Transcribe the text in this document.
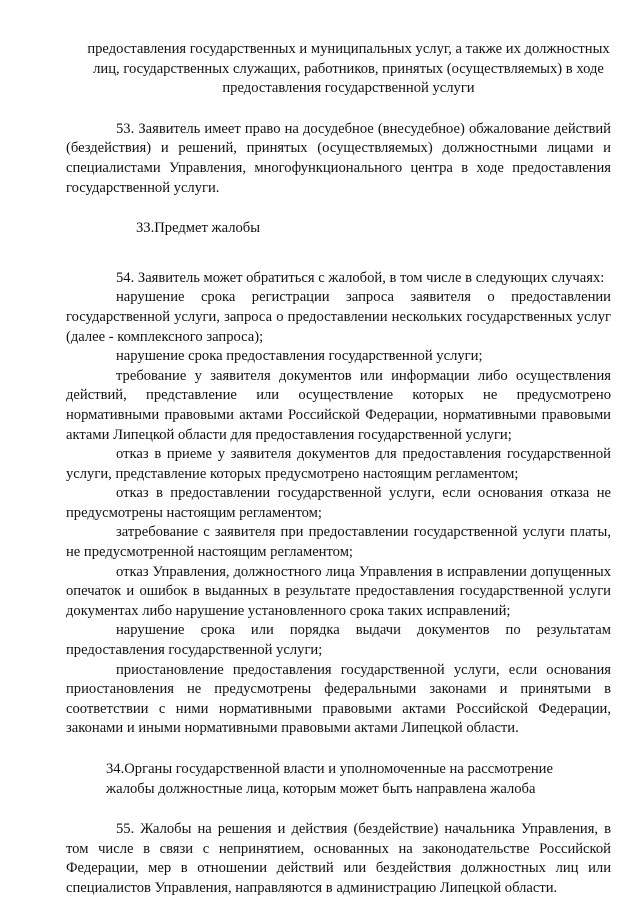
предоставления государственных и муниципальных услуг, а также их должностных лиц, государственных служащих, работников, принятых (осуществляемых) в ходе предоставления государственной услуги

53. Заявитель имеет право на досудебное (внесудебное) обжалование действий (бездействия) и решений, принятых (осуществляемых) должностными лицами и специалистами Управления, многофункционального центра в ходе предоставления государственной услуги.

33.Предмет жалобы

54. Заявитель может обратиться с жалобой, в том числе в следующих случаях:

нарушение срока регистрации запроса заявителя о предоставлении государственной услуги, запроса о предоставлении нескольких государственных услуг (далее - комплексного запроса);

нарушение срока предоставления государственной услуги;

требование у заявителя документов или информации либо осуществления действий, представление или осуществление которых не предусмотрено нормативными правовыми актами Российской Федерации, нормативными правовыми актами Липецкой области для предоставления государственной услуги;

отказ в приеме у заявителя документов для предоставления государственной услуги, представление которых предусмотрено настоящим регламентом;

отказ в предоставлении государственной услуги, если основания отказа не предусмотрены настоящим регламентом;

затребование с заявителя при предоставлении государственной услуги платы, не предусмотренной настоящим регламентом;

отказ Управления, должностного лица Управления в исправлении допущенных опечаток и ошибок в выданных в результате предоставления государственной услуги документах либо нарушение установленного срока таких исправлений;

нарушение срока или порядка выдачи документов по результатам предоставления государственной услуги;

приостановление предоставления государственной услуги, если основания приостановления не предусмотрены федеральными законами и принятыми в соответствии с ними нормативными правовыми актами Российской Федерации, законами и иными нормативными правовыми актами Липецкой области.

34.Органы государственной власти и уполномоченные на рассмотрение

жалобы должностные лица, которым может быть направлена жалоба

55. Жалобы на решения и действия (бездействие) начальника Управления, в том числе в связи с непринятием, основанных на законодательстве Российской Федерации, мер в отношении действий или бездействия должностных лиц или специалистов Управления, направляются в администрацию Липецкой области.
